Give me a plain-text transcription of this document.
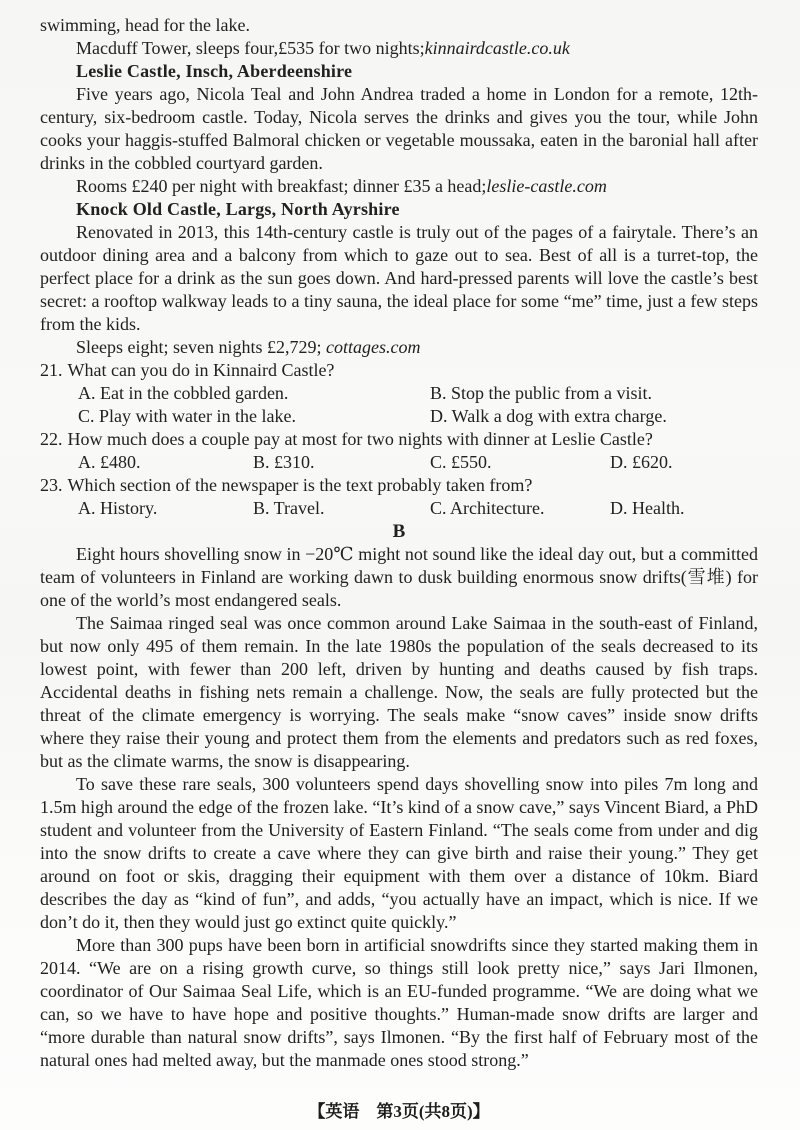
swimming, head for the lake.

Macduff Tower, sleeps four,£535 for two nights;kinnairdcastle.co.uk

Leslie Castle, Insch, Aberdeenshire

Five years ago, Nicola Teal and John Andrea traded a home in London for a remote, 12th-century, six-bedroom castle. Today, Nicola serves the drinks and gives you the tour, while John cooks your haggis-stuffed Balmoral chicken or vegetable moussaka, eaten in the baronial hall after drinks in the cobbled courtyard garden.

Rooms £240 per night with breakfast; dinner £35 a head;leslie-castle.com

Knock Old Castle, Largs, North Ayrshire

Renovated in 2013, this 14th-century castle is truly out of the pages of a fairytale. There’s an outdoor dining area and a balcony from which to gaze out to sea. Best of all is a turret-top, the perfect place for a drink as the sun goes down. And hard-pressed parents will love the castle’s best secret: a rooftop walkway leads to a tiny sauna, the ideal place for some “me” time, just a few steps from the kids.

Sleeps eight; seven nights £2,729; cottages.com

21. What can you do in Kinnaird Castle?

A. Eat in the cobbled garden.	B. Stop the public from a visit.
C. Play with water in the lake.	D. Walk a dog with extra charge.

22. How much does a couple pay at most for two nights with dinner at Leslie Castle?

A. £480.	B. £310.	C. £550.	D. £620.

23. Which section of the newspaper is the text probably taken from?

A. History.	B. Travel.	C. Architecture.	D. Health.

B

Eight hours shovelling snow in −20℃ might not sound like the ideal day out, but a committed team of volunteers in Finland are working dawn to dusk building enormous snow drifts(雪堆) for one of the world’s most endangered seals.

The Saimaa ringed seal was once common around Lake Saimaa in the south-east of Finland, but now only 495 of them remain. In the late 1980s the population of the seals decreased to its lowest point, with fewer than 200 left, driven by hunting and deaths caused by fish traps. Accidental deaths in fishing nets remain a challenge. Now, the seals are fully protected but the threat of the climate emergency is worrying. The seals make “snow caves” inside snow drifts where they raise their young and protect them from the elements and predators such as red foxes, but as the climate warms, the snow is disappearing.

To save these rare seals, 300 volunteers spend days shovelling snow into piles 7m long and 1.5m high around the edge of the frozen lake. “It’s kind of a snow cave,” says Vincent Biard, a PhD student and volunteer from the University of Eastern Finland. “The seals come from under and dig into the snow drifts to create a cave where they can give birth and raise their young.” They get around on foot or skis, dragging their equipment with them over a distance of 10km. Biard describes the day as “kind of fun”, and adds, “you actually have an impact, which is nice. If we don’t do it, then they would just go extinct quite quickly.”

More than 300 pups have been born in artificial snowdrifts since they started making them in 2014. “We are on a rising growth curve, so things still look pretty nice,” says Jari Ilmonen, coordinator of Our Saimaa Seal Life, which is an EU-funded programme. “We are doing what we can, so we have to have hope and positive thoughts.” Human-made snow drifts are larger and “more durable than natural snow drifts”, says Ilmonen. “By the first half of February most of the natural ones had melted away, but the manmade ones stood strong.”

【英语　第3页(共8页)】
